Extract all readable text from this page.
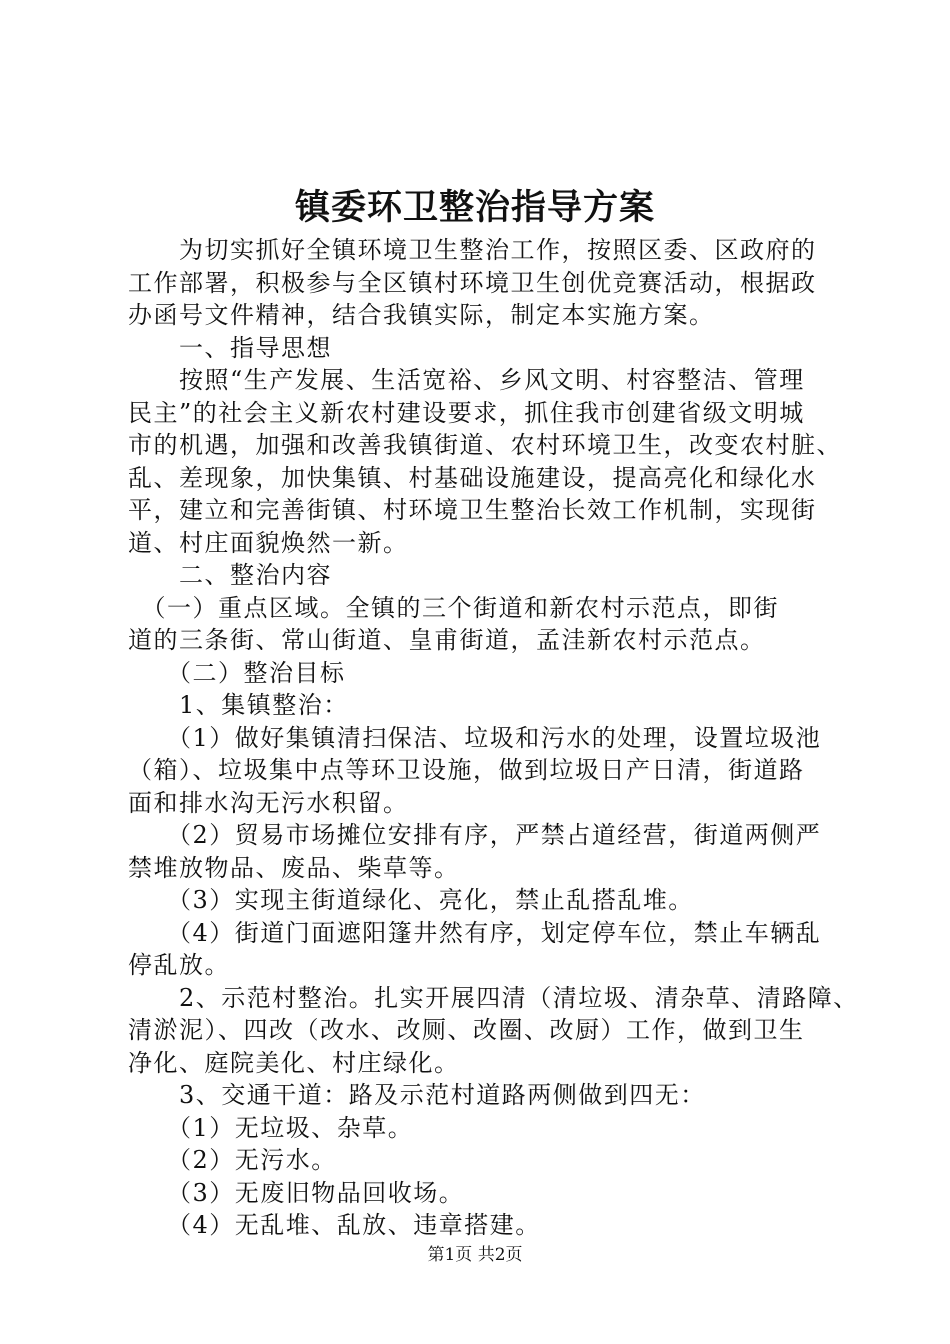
镇委环卫整治指导方案
　　为切实抓好全镇环境卫生整治工作，按照区委、区政府的
工作部署，积极参与全区镇村环境卫生创优竞赛活动，根据政
办函号文件精神，结合我镇实际，制定本实施方案。
　　一、指导思想
　　按照“生产发展、生活宽裕、乡风文明、村容整洁、管理
民主”的社会主义新农村建设要求，抓住我市创建省级文明城
市的机遇，加强和改善我镇街道、农村环境卫生，改变农村脏、
乱、差现象，加快集镇、村基础设施建设，提高亮化和绿化水
平，建立和完善街镇、村环境卫生整治长效工作机制，实现街
道、村庄面貌焕然一新。
　　二、整治内容
　（一）重点区域。全镇的三个街道和新农村示范点，即街
道的三条街、常山街道、皇甫街道，孟洼新农村示范点。
　　（二）整治目标
　　1、集镇整治：
　　（1）做好集镇清扫保洁、垃圾和污水的处理，设置垃圾池
（箱）、垃圾集中点等环卫设施，做到垃圾日产日清，街道路
面和排水沟无污水积留。
　　（2）贸易市场摊位安排有序，严禁占道经营，街道两侧严
禁堆放物品、废品、柴草等。
　　（3）实现主街道绿化、亮化，禁止乱搭乱堆。
　　（4）街道门面遮阳篷井然有序，划定停车位，禁止车辆乱
停乱放。
　　2、示范村整治。扎实开展四清（清垃圾、清杂草、清路障、
清淤泥）、四改（改水、改厕、改圈、改厨）工作，做到卫生
净化、庭院美化、村庄绿化。
　　3、交通干道：路及示范村道路两侧做到四无：
　　（1）无垃圾、杂草。
　　（2）无污水。
　　（3）无废旧物品回收场。
　　（4）无乱堆、乱放、违章搭建。
第1页 共2页
